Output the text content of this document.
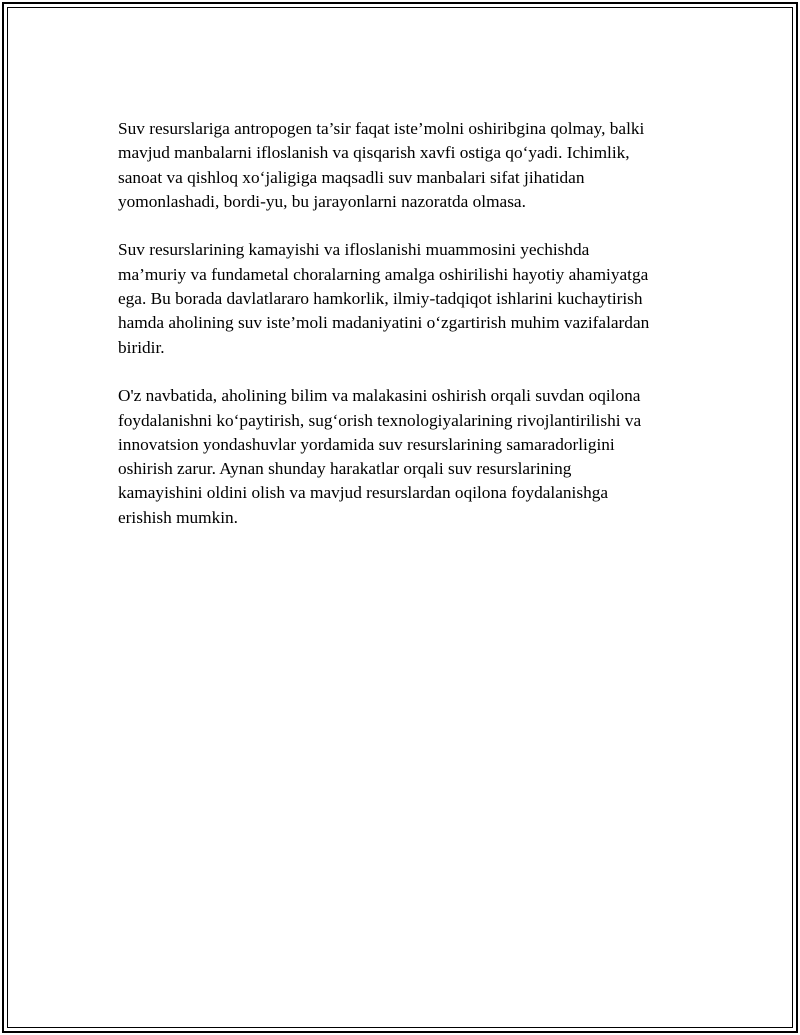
Suv resurslariga antropogen ta’sir faqat iste’molni oshiribgina qolmay, balki
mavjud manbalarni ifloslanish va qisqarish xavfi ostiga qo‘yadi. Ichimlik,
sanoat va qishloq xo‘jaligiga maqsadli suv manbalari sifat jihatidan
yomonlashadi, bordi-yu, bu jarayonlarni nazoratda olmasa.

Suv resurslarining kamayishi va ifloslanishi muammosini yechishda
ma’muriy va fundametal choralarning amalga oshirilishi hayotiy ahamiyatga
ega. Bu borada davlatlararo hamkorlik, ilmiy-tadqiqot ishlarini kuchaytirish
hamda aholining suv iste’moli madaniyatini o‘zgartirish muhim vazifalardan
biridir.

O'z navbatida, aholining bilim va malakasini oshirish orqali suvdan oqilona
foydalanishni ko‘paytirish, sug‘orish texnologiyalarining rivojlantirilishi va
innovatsion yondashuvlar yordamida suv resurslarining samaradorligini
oshirish zarur. Aynan shunday harakatlar orqali suv resurslarining
kamayishini oldini olish va mavjud resurslardan oqilona foydalanishga
erishish mumkin.
